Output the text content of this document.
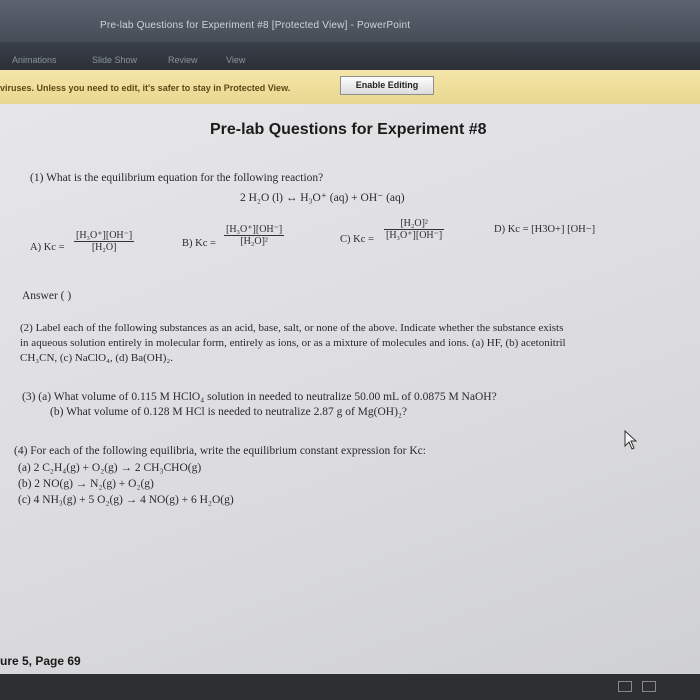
Pre-lab Questions for Experiment #8 [Protected View] - PowerPoint
Animations	Slide Show	Review	View
viruses. Unless you need to edit, it's safer to stay in Protected View.	Enable Editing
Pre-lab Questions for Experiment #8
(1) What is the equilibrium equation for the following reaction?
2 H₂O (l) ↔ H₃O⁺ (aq) + OH⁻ (aq)
A) $Kc = \frac{\text{[H₃O⁺][OH⁻]}}{\text{[H₂O]}}$	B) $Kc = \frac{\text{[H₃O⁺][OH⁻]}}{\text{[H₂O]²}}$	C) $Kc = \frac{\text{[H₂O]²}}{\text{[H₃O⁺][OH⁻]}}$	D) Kc = [H3O+] [OH−]
Answer ( )
(2) Label each of the following substances as an acid, base, salt, or none of the above. Indicate whether the substance exists
in aqueous solution entirely in molecular form, entirely as ions, or as a mixture of molecules and ions. (a) HF, (b) acetonitril
CH₃CN, (c) NaClO₄, (d) Ba(OH)₂.
(3) (a) What volume of 0.115 M HClO₄ solution in needed to neutralize 50.00 mL of 0.0875 M NaOH?
(b) What volume of 0.128 M HCl is needed to neutralize 2.87 g of Mg(OH)₂?
(4) For each of the following equilibria, write the equilibrium constant expression for Kc:
(a) 2 C₂H₄(g) + O₂(g) → 2 CH₃CHO(g)
(b) 2 NO(g) → N₂(g) + O₂(g)
(c) 4 NH₃(g) + 5 O₂(g) → 4 NO(g) + 6 H₂O(g)
ure 5, Page 69
